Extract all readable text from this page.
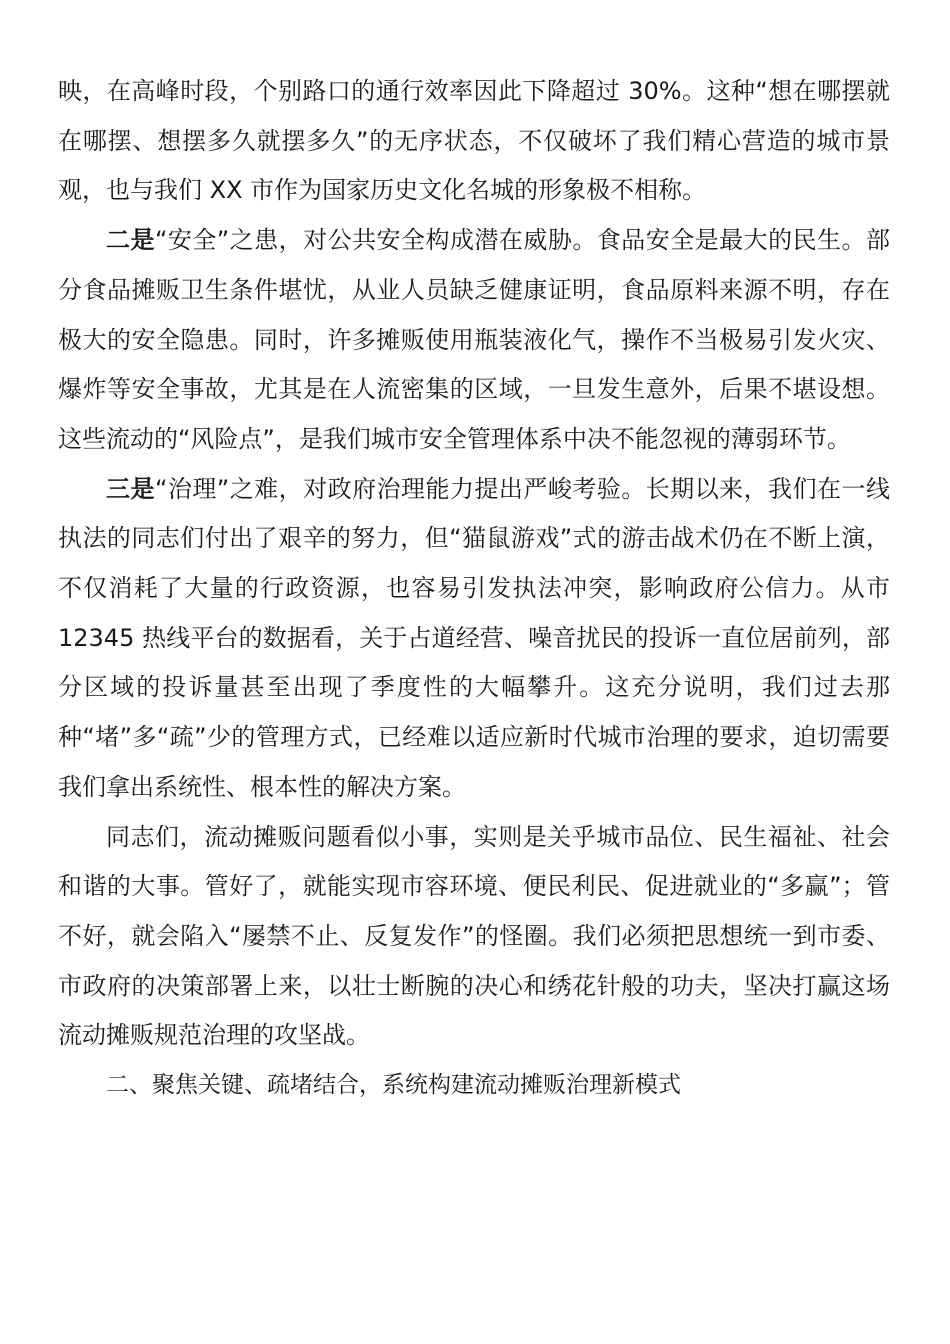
映，在高峰时段，个别路口的通行效率因此下降超过 30%。这种“想在哪摆就在哪摆、想摆多久就摆多久”的无序状态，不仅破坏了我们精心营造的城市景观，也与我们 XX 市作为国家历史文化名城的形象极不相称。

二是“安全”之患，对公共安全构成潜在威胁。食品安全是最大的民生。部分食品摊贩卫生条件堪忧，从业人员缺乏健康证明，食品原料来源不明，存在极大的安全隐患。同时，许多摊贩使用瓶装液化气，操作不当极易引发火灾、爆炸等安全事故，尤其是在人流密集的区域，一旦发生意外，后果不堪设想。这些流动的“风险点”，是我们城市安全管理体系中决不能忽视的薄弱环节。

三是“治理”之难，对政府治理能力提出严峻考验。长期以来，我们在一线执法的同志们付出了艰辛的努力，但“猫鼠游戏”式的游击战术仍在不断上演，不仅消耗了大量的行政资源，也容易引发执法冲突，影响政府公信力。从市 12345 热线平台的数据看，关于占道经营、噪音扰民的投诉一直位居前列，部分区域的投诉量甚至出现了季度性的大幅攀升。这充分说明，我们过去那种“堵”多“疏”少的管理方式，已经难以适应新时代城市治理的要求，迫切需要我们拿出系统性、根本性的解决方案。

同志们，流动摊贩问题看似小事，实则是关乎城市品位、民生福祉、社会和谐的大事。管好了，就能实现市容环境、便民利民、促进就业的“多赢”；管不好，就会陷入“屡禁不止、反复发作”的怪圈。我们必须把思想统一到市委、市政府的决策部署上来，以壮士断腕的决心和绣花针般的功夫，坚决打赢这场流动摊贩规范治理的攻坚战。

二、聚焦关键、疏堵结合，系统构建流动摊贩治理新模式
